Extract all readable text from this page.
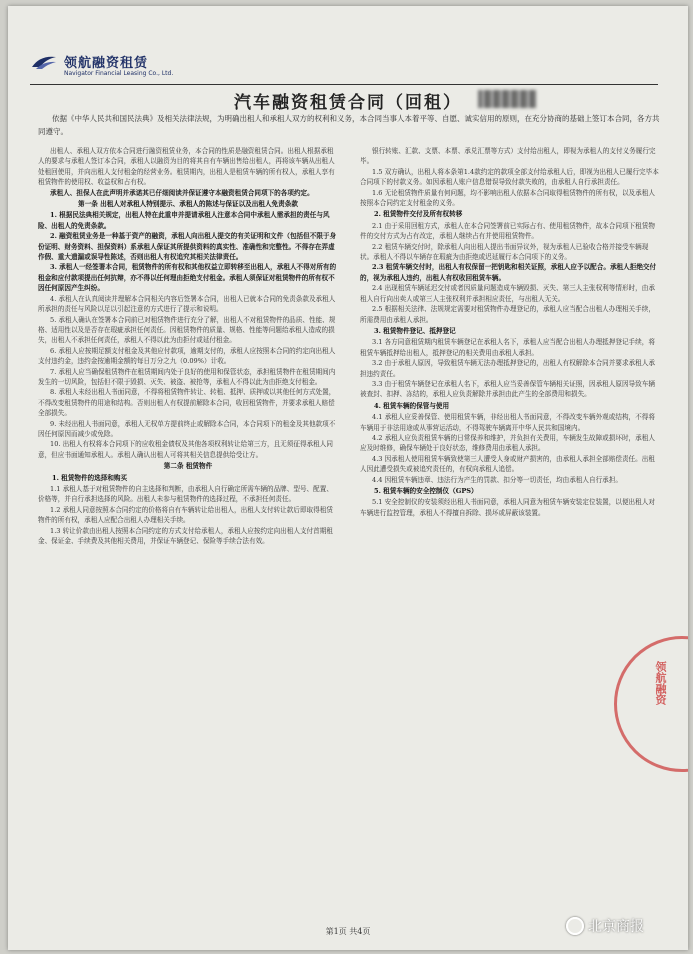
领航融资租赁
Navigator Financial Leasing Co., Ltd.
汽车融资租赁合同（回租）
依据《中华人民共和国民法典》及相关法律法规，为明确出租人和承租人双方的权利和义务，本合同当事人本着平等、自愿、诚实信用的原则，在充分协商的基础上签订本合同，各方共同遵守。

出租人、承租人双方依本合同进行融资租赁业务，本合同的性质是融资租赁合同。出租人根据承租人的要求与承租人签订本合同，承租人以融资为目的将其自有车辆出售给出租人，再将该车辆从出租人处租回使用，并向出租人支付租金的经营业务。租赁期内，出租人是租赁车辆的所有权人，承租人享有租赁物件的使用权、收益权和占有权。

承租人、担保人在此声明并承诺其已仔细阅读并保证遵守本融资租赁合同项下的各项约定。

第一条 出租人对承租人特别提示、承租人的陈述与保证以及出租人免责条款

1. 根据民法典相关规定，出租人特在此重申并提请承租人注意本合同中承租人需承担的责任与风险、出租人的免责条款。

2. 融资租赁业务是一种基于资产的融资，承租人向出租人提交的有关证明和文件（包括但不限于身份证明、财务资料、担保资料）系承租人保证其所提供资料的真实性、准确性和完整性。不得存在弄虚作假、重大遗漏或误导性陈述，否则出租人有权追究其相关法律责任。

3. 承租人一经签署本合同，租赁物件的所有权和其他权益立即转移至出租人，承租人不得对所有的租金和应付款项提出任何抗辩，亦不得以任何理由拒绝支付租金。承租人须保证对租赁物件的所有权不因任何原因产生纠纷。

4. 承租人在认真阅读并理解本合同相关内容后签署本合同，出租人已就本合同的免责条款及承租人所承担的责任与风险以足以引起注意的方式进行了提示和说明。

5. 承租人确认在签署本合同前已对租赁物件进行充分了解，出租人不对租赁物件的品质、性能、规格、适用性以及是否存在瑕疵承担任何责任。因租赁物件的质量、规格、性能等问题给承租人造成的损失，出租人不承担任何责任，承租人不得以此为由拒付或延付租金。

6. 承租人应按期足额支付租金及其他应付款项，逾期支付的，承租人应按照本合同的约定向出租人支付违约金，违约金按逾期金额的每日万分之九（0.09%）计收。

7. 承租人应当确保租赁物件在租赁期间内处于良好的使用和保管状态，承担租赁物件在租赁期间内发生的一切风险，包括但不限于毁损、灭失、被盗、被抢等，承租人不得以此为由拒绝支付租金。

8. 承租人未经出租人书面同意，不得将租赁物件转让、转租、抵押、质押或以其他任何方式处置，不得改变租赁物件的用途和结构。否则出租人有权提前解除本合同，收回租赁物件，并要求承租人赔偿全部损失。

9. 未经出租人书面同意，承租人无权单方提前终止或解除本合同，本合同项下的租金及其他款项不因任何原因而减少或免除。

10. 出租人有权将本合同项下的应收租金债权及其他各项权利转让给第三方，且无须征得承租人同意，但应书面通知承租人。承租人确认出租人可将其相关信息提供给受让方。

第二条 租赁物件

1. 租赁物件的选择和购买

1.1 承租人基于对租赁物件的自主选择和判断，由承租人自行确定所需车辆的品牌、型号、配置、价格等，并自行承担选择的风险。出租人未参与租赁物件的选择过程，不承担任何责任。

1.2 承租人同意按照本合同约定的价格将自有车辆转让给出租人，出租人支付转让款后即取得租赁物件的所有权，承租人应配合出租人办理相关手续。

1.3 转让价款由出租人按照本合同约定的方式支付给承租人，承租人应按约定向出租人支付首期租金、保证金、手续费及其他相关费用，并保证车辆登记、保险等手续合法有效。

银行转账、汇款、支票、本票、承兑汇票等方式）支付给出租人，即视为承租人的支付义务履行完毕。

1.5 双方确认，出租人将本条第1.4款约定的款项全部支付给承租人后，即视为出租人已履行完毕本合同项下的付款义务。如因承租人账户信息错误导致付款失败的，由承租人自行承担责任。

1.6 无论租赁物件质量有何问题，均不影响出租人依据本合同取得租赁物件的所有权，以及承租人按照本合同约定支付租金的义务。

2. 租赁物件交付及所有权转移

2.1 由于采用回租方式，承租人在本合同签署前已实际占有、使用租赁物件，故本合同项下租赁物件的交付方式为占有改定，承租人继续占有并使用租赁物件。

2.2 租赁车辆交付时，除承租人向出租人提出书面异议外，视为承租人已验收合格并接受车辆现状。承租人不得以车辆存在瑕疵为由拒绝或迟延履行本合同项下的义务。

2.3 租赁车辆交付时，出租人有权保留一把钥匙和相关证照，承租人应予以配合。承租人拒绝交付的，视为承租人违约，出租人有权收回租赁车辆。

2.4 出现租赁车辆延迟交付或者因质量问题造成车辆毁损、灭失、第三人主张权利等情形时，由承租人自行向出卖人或第三人主张权利并承担相应责任，与出租人无关。

2.5 根据相关法律、法规规定需要对租赁物件办理登记的，承租人应当配合出租人办理相关手续，所需费用由承租人承担。

3. 租赁物件登记、抵押登记

3.1 各方同意租赁期内租赁车辆登记在承租人名下，承租人应当配合出租人办理抵押登记手续，将租赁车辆抵押给出租人，抵押登记的相关费用由承租人承担。

3.2 由于承租人原因，导致租赁车辆无法办理抵押登记的，出租人有权解除本合同并要求承租人承担违约责任。

3.3 由于租赁车辆登记在承租人名下，承租人应当妥善保管车辆相关证照，因承租人原因导致车辆被查封、扣押、冻结的，承租人应负责解除并承担由此产生的全部费用和损失。

4. 租赁车辆的保管与使用

4.1 承租人应妥善保管、使用租赁车辆，非经出租人书面同意，不得改变车辆外观或结构，不得将车辆用于非法用途或从事营运活动，不得驾驶车辆离开中华人民共和国境内。

4.2 承租人应负责租赁车辆的日常保养和维护，并负担有关费用，车辆发生故障或损坏时，承租人应及时维修，确保车辆处于良好状态，维修费用由承租人承担。

4.3 因承租人使用租赁车辆致使第三人遭受人身或财产损害的，由承租人承担全部赔偿责任。出租人因此遭受损失或被追究责任的，有权向承租人追偿。

4.4 因租赁车辆违章、违法行为产生的罚款、扣分等一切责任，均由承租人自行承担。

5. 租赁车辆的安全控制仪（GPS）

5.1 安全控制仪的安装须经出租人书面同意，承租人同意为租赁车辆安装定位装置，以便出租人对车辆进行监控管理，承租人不得擅自拆除、损坏或屏蔽该装置。

领航融资
第1页 共4页	北京商报
